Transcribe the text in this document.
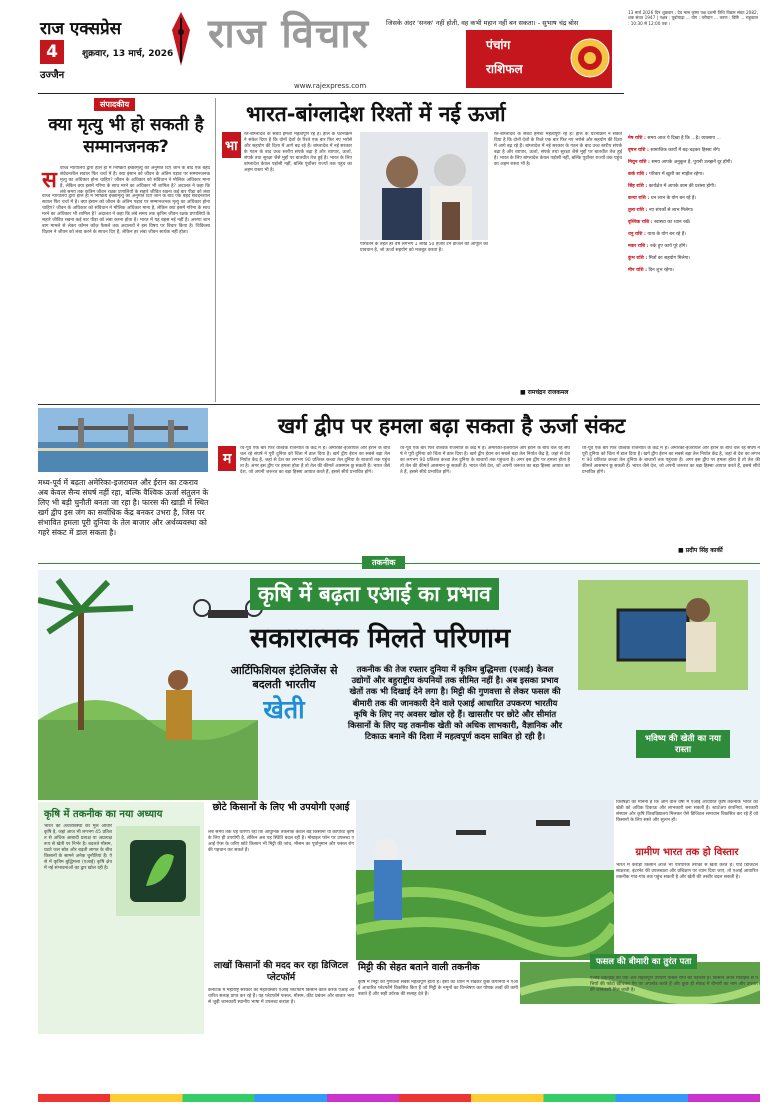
राज एक्सप्रेस
4	शुक्रवार, 13 मार्च, 2026
उज्जैन
राज विचार	जिसके अंदर 'सनक' नहीं होती, वह कभी महान नहीं बन सकता। - सुभाष चंद्र बोस
www.rajexpress.com
पंचांग
राशिफल
13 मार्च 2026 दिन शुक्रवार : देव मास कृष्ण पक्ष दशमी तिथि विक्रम संवत 2082, शक संवत 1947 | नक्षत्र : पूर्वाषाढ़ा ... योग : वरीयान ... करण : विष्टि ... राहुकाल : 10:30 से 12:00 तक ।
मेष राशि : समय आज ये दिखा है कि ...है। व्यवसाय ...
वृषभ राशि : सामाजिक कार्यों में बढ़-चढ़कर हिस्सा लेंगे।
मिथुन राशि : समय आपके अनुकूल है, पुरानी उलझनें दूर होंगी।
कर्क राशि : परिवार में खुशी का माहौल रहेगा।
सिंह राशि : कार्यक्षेत्र में आपके काम की प्रशंसा होगी।
कन्या राशि : धन लाभ के योग बन रहे हैं।
तुला राशि : नए संपर्कों से लाभ मिलेगा।
वृश्चिक राशि : स्वास्थ्य का ध्यान रखें।
धनु राशि : यात्रा के योग बन रहे हैं।
मकर राशि : रुके हुए कार्य पूरे होंगे।
कुंभ राशि : मित्रों का सहयोग मिलेगा।
मीन राशि : दिन शुभ रहेगा।
संपादकीय
क्या मृत्यु भी हो सकती है सम्मानजनक?
स र्वोच्च न्यायालय द्वारा हाल ही में निष्क्रिय इच्छामृत्यु की अनुमति दिए जाने के बाद एक बेहद संवेदनशील सवाल फिर चर्चा में है। क्या इंसान को जीवन के अंतिम पड़ाव पर सम्मानजनक मृत्यु का अधिकार होना चाहिए? जीवन के अधिकार को संविधान ने मौलिक अधिकार माना है, लेकिन क्या इसमें गरिमा के साथ मरने का अधिकार भी शामिल है? अदालत ने कहा कि लंबे समय तक कृत्रिम जीवन रक्षक प्रणालियों के सहारे जीवित रखना कई बार पीड़ा को लंबा
र्वोच्च न्यायालय द्वारा हाल ही में निष्क्रिय इच्छामृत्यु की अनुमति दिए जाने के बाद एक बेहद संवेदनशील सवाल फिर चर्चा में है। क्या इंसान को जीवन के अंतिम पड़ाव पर सम्मानजनक मृत्यु का अधिकार होना चाहिए? जीवन के अधिकार को संविधान ने मौलिक अधिकार माना है, लेकिन क्या इसमें गरिमा के साथ मरने का अधिकार भी शामिल है? अदालत ने कहा कि लंबे समय तक कृत्रिम जीवन रक्षक प्रणालियों के सहारे जीवित रखना कई बार पीड़ा को लंबा करना होता है। भारत में यह बहस नई नहीं है। अरुणा शानबाग मामले से लेकर कॉमन कॉज़ फैसले तक अदालतों ने इस विषय पर विचार किया है। चिकित्सा विज्ञान ने जीवन को लंबा करने के साधन दिए हैं, लेकिन हर लंबा जीवन सार्थक नहीं होता।
भारत-बांग्लादेश रिश्तों में नई ऊर्जा
भा
रत-बांग्लादेश के संबंध हमेशा महत्वपूर्ण रहे हैं। हाल के घटनाक्रम ने संकेत दिया है कि दोनों देशों के रिश्ते एक बार फिर नए भरोसे और सहयोग की दिशा में आगे बढ़ रहे हैं। बांग्लादेश में नई सरकार के गठन के बाद उच्च स्तरीय संपर्क बढ़ा है और व्यापार, ऊर्जा, संपर्क तथा सुरक्षा जैसे मुद्दों पर बातचीत तेज हुई है। भारत के लिए बांग्लादेश केवल पड़ोसी नहीं, बल्कि पूर्वोत्तर राज्यों तक पहुंच का अहम रास्ता भी है।
परिवर्तन के तहत हर वर्ष लगभग 1 लाख 50 हजार टन डीजल की आपूर्ति का प्रावधान है, जो ऊर्जा सहयोग को मजबूत करता है।
रत-बांग्लादेश के संबंध हमेशा महत्वपूर्ण रहे हैं। हाल के घटनाक्रम ने संकेत दिया है कि दोनों देशों के रिश्ते एक बार फिर नए भरोसे और सहयोग की दिशा में आगे बढ़ रहे हैं। बांग्लादेश में नई सरकार के गठन के बाद उच्च स्तरीय संपर्क बढ़ा है और व्यापार, ऊर्जा, संपर्क तथा सुरक्षा जैसे मुद्दों पर बातचीत तेज हुई है। भारत के लिए बांग्लादेश केवल पड़ोसी नहीं, बल्कि पूर्वोत्तर राज्यों तक पहुंच का अहम रास्ता भी है।
■ रामचंद्रन राजकमल
खर्ग द्वीप पर हमला बढ़ा सकता है ऊर्जा संकट
मध्य-पूर्व में बढ़ता अमेरिका-इजरायल और ईरान का टकराव अब केवल सैन्य संघर्ष नहीं रहा, बल्कि वैश्विक ऊर्जा संतुलन के लिए भी बड़ी चुनौती बनता जा रहा है। फारस की खाड़ी में स्थित खर्ग द्वीप इस जंग का सर्वाधिक केंद्र बनकर उभरा है, जिस पर संभावित हमला पूरी दुनिया के तेल बाजार और अर्थव्यवस्था को गहरे संकट में डाल सकता है।
म
ध्य-पूर्व एक बार फिर वैश्विक राजनीति के केंद्र में है। अमेरिका-इजरायल और ईरान के बीच चल रहे संघर्ष ने पूरी दुनिया को चिंता में डाल दिया है। खर्ग द्वीप ईरान का सबसे बड़ा तेल निर्यात केंद्र है, जहां से देश का लगभग 90 प्रतिशत कच्चा तेल दुनिया के बाजारों तक पहुंचता है। अगर इस द्वीप पर हमला होता है तो तेल की कीमतें आसमान छू सकती हैं। भारत जैसे देश, जो अपनी जरूरत का बड़ा हिस्सा आयात करते हैं, इससे सीधे प्रभावित होंगे।
ध्य-पूर्व एक बार फिर वैश्विक राजनीति के केंद्र में है। अमेरिका-इजरायल और ईरान के बीच चल रहे संघर्ष ने पूरी दुनिया को चिंता में डाल दिया है। खर्ग द्वीप ईरान का सबसे बड़ा तेल निर्यात केंद्र है, जहां से देश का लगभग 90 प्रतिशत कच्चा तेल दुनिया के बाजारों तक पहुंचता है। अगर इस द्वीप पर हमला होता है तो तेल की कीमतें आसमान छू सकती हैं। भारत जैसे देश, जो अपनी जरूरत का बड़ा हिस्सा आयात करते हैं, इससे सीधे प्रभावित होंगे।
ध्य-पूर्व एक बार फिर वैश्विक राजनीति के केंद्र में है। अमेरिका-इजरायल और ईरान के बीच चल रहे संघर्ष ने पूरी दुनिया को चिंता में डाल दिया है। खर्ग द्वीप ईरान का सबसे बड़ा तेल निर्यात केंद्र है, जहां से देश का लगभग 90 प्रतिशत कच्चा तेल दुनिया के बाजारों तक पहुंचता है। अगर इस द्वीप पर हमला होता है तो तेल की कीमतें आसमान छू सकती हैं। भारत जैसे देश, जो अपनी जरूरत का बड़ा हिस्सा आयात करते हैं, इससे सीधे प्रभावित होंगे।
■ प्रदीप सिंह कार्की
तकनीक
कृषि में बढ़ता एआई का प्रभाव
सकारात्मक मिलते परिणाम
आर्टिफिशियल इंटेलिजेंस से बदलती भारतीय
खेती
तकनीक की तेज रफ्तार दुनिया में कृत्रिम बुद्धिमत्ता (एआई) केवल उद्योगों और बहुराष्ट्रीय कंपनियों तक सीमित नहीं है। अब इसका प्रभाव खेतों तक भी दिखाई देने लगा है। मिट्टी की गुणवत्ता से लेकर फसल की बीमारी तक की जानकारी देने वाले एआई आधारित उपकरण भारतीय कृषि के लिए नए अवसर खोल रहे हैं। खासतौर पर छोटे और सीमांत किसानों के लिए यह तकनीक खेती को अधिक लाभकारी, वैज्ञानिक और टिकाऊ बनाने की दिशा में महत्वपूर्ण कदम साबित हो रही है।	भविष्य की खेती का नया रास्ता
कृषि में तकनीक का नया अध्याय
भारत की अर्थव्यवस्था का मूल आधार कृषि है, जहां आज भी लगभग 45 प्रतिशत से अधिक आबादी प्रत्यक्ष या अप्रत्यक्ष रूप से खेती पर निर्भर है। बदलते मौसम, घटते जल स्रोत और बढ़ती लागत के बीच किसानों के सामने अनेक चुनौतियां हैं। ऐसे में कृत्रिम बुद्धिमत्ता (एआई) कृषि क्षेत्र में नई संभावनाओं का द्वार खोल रही है।
छोटे किसानों के लिए भी उपयोगी एआई
लंबे समय तक यह धारणा रही कि आधुनिक तकनीक केवल बड़े किसानों या कॉर्पोरेट कृषि के लिए ही उपयोगी है, लेकिन अब यह स्थिति बदल रही है। मोबाइल फोन पर उपलब्ध एआई ऐप्स के जरिए छोटे किसान भी मिट्टी की जांच, मौसम का पूर्वानुमान और फसल रोग की पहचान कर सकते हैं।
विशेषज्ञों का मानना है कि आने वाले वर्षों में एआई आधारित कृषि तकनीक भारत की खेती को अधिक टिकाऊ और लाभकारी बना सकती है। स्टार्टअप कंपनियां, सरकारी संस्थान और कृषि विश्वविद्यालय मिलकर ऐसे डिजिटल समाधान विकसित कर रहे हैं जो किसानों के लिए सस्ते और सुलभ हों।
ग्रामीण भारत तक हो विस्तार
भारत में करोड़ों किसान आज भी पारंपरिक तरीकों से खेती करते हैं। यदि डिजिटल साक्षरता, इंटरनेट की उपलब्धता और प्रशिक्षण पर ध्यान दिया जाए, तो एआई आधारित तकनीक गांव-गांव तक पहुंच सकती है और खेती की तस्वीर बदल सकती है।
लाखों किसानों की मदद कर रहा डिजिटल प्लेटफॉर्म
कर्नाटक में महाराष्ट्र सरकार का महाविस्तार एआई प्लेटफॉर्म किसान कॉल करके एआई आधारित सलाह प्राप्त कर रहे हैं। यह प्लेटफॉर्म फसल, मौसम, कीट प्रबंधन और बाजार भाव से जुड़ी जानकारी स्थानीय भाषा में उपलब्ध कराता है।
मिट्टी की सेहत बताने वाली तकनीक
कृषि में मिट्टी की गुणवत्ता सबसे महत्वपूर्ण होती है। इसी को ध्यान में रखकर कुछ कंपनियों ने एआई आधारित प्लेटफॉर्म विकसित किए हैं जो मिट्टी के नमूनों का विश्लेषण कर पोषक तत्वों की कमी बताते हैं और सही उर्वरक की सलाह देते हैं।
फसल की बीमारी का तुरंत पता
एआई तकनीक का एक और महत्वपूर्ण उपयोग फसल रोगों की पहचान है। किसान अपने मोबाइल से पत्तियों की फोटो खींचकर ऐप पर अपलोड करते हैं और कुछ ही सेकंड में बीमारी का नाम और उपचार की जानकारी मिल जाती है।
